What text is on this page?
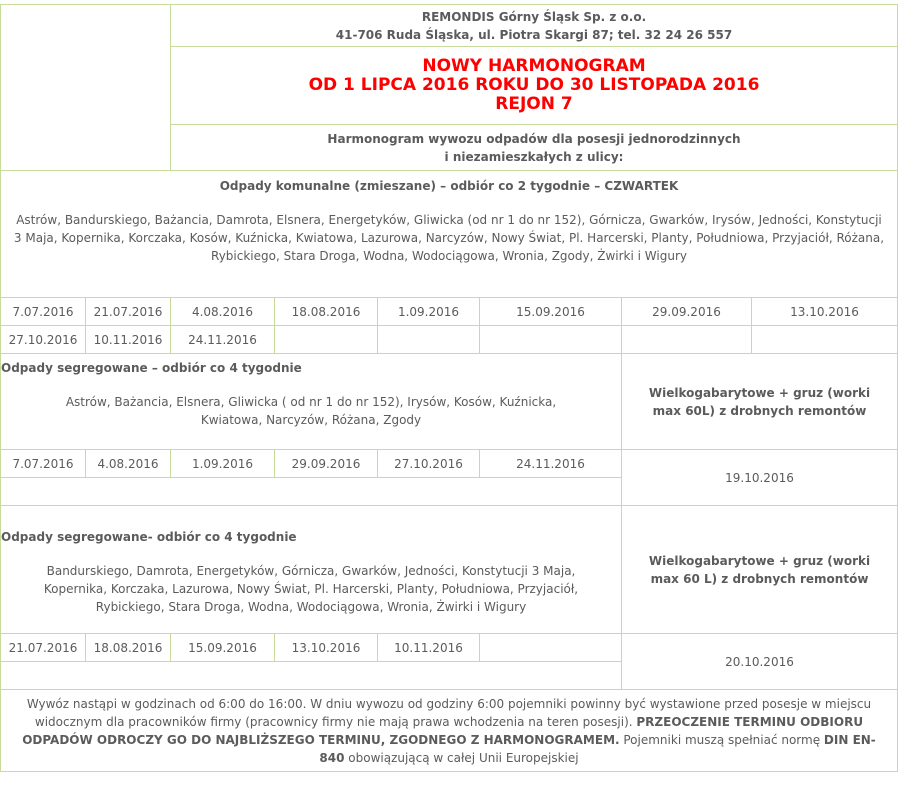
REMONDIS Górny Śląsk Sp. z o.o.
41-706 Ruda Śląska, ul. Piotra Skargi 87; tel. 32 24 26 557
NOWY HARMONOGRAM
OD 1 LIPCA 2016 ROKU DO 30 LISTOPADA 2016
REJON 7
Harmonogram wywozu odpadów dla posesji jednorodzinnych
i niezamieszkałych z ulicy:
Odpady komunalne (zmieszane) – odbiór co 2 tygodnie – CZWARTEK
Astrów, Bandurskiego, Bażancia, Damrota, Elsnera, Energetyków, Gliwicka (od nr 1 do nr 152), Górnicza, Gwarków, Irysów, Jedności, Konstytucji 3 Maja, Kopernika, Korczaka, Kosów, Kuźnicka, Kwiatowa, Lazurowa, Narcyzów, Nowy Świat, Pl. Harcerski, Planty, Południowa, Przyjaciół, Różana, Rybickiego, Stara Droga, Wodna, Wodociągowa, Wronia, Zgody, Żwirki i Wigury
7.07.2016 21.07.2016 4.08.2016	18.08.2016	1.09.2016	15.09.2016	29.09.2016	13.10.2016
27.10.2016 10.11.2016 24.11.2016
Odpady segregowane – odbiór co 4 tygodnie
Astrów, Bażancia, Elsnera, Gliwicka ( od nr 1 do nr 152), Irysów, Kosów, Kuźnicka, Kwiatowa, Narcyzów, Różana, Zgody
Wielkogabarytowe + gruz (worki max 60L) z drobnych remontów
7.07.2016 4.08.2016	1.09.2016	29.09.2016	27.10.2016	24.11.2016
19.10.2016
Odpady segregowane- odbiór co 4 tygodnie
Bandurskiego, Damrota, Energetyków, Górnicza, Gwarków, Jedności, Konstytucji 3 Maja, Kopernika, Korczaka, Lazurowa, Nowy Świat, Pl. Harcerski, Planty, Południowa, Przyjaciół, Rybickiego, Stara Droga, Wodna, Wodociągowa, Wronia, Żwirki i Wigury
Wielkogabarytowe + gruz (worki max 60 L) z drobnych remontów
21.07.2016 18.08.2016 15.09.2016	13.10.2016	10.11.2016
20.10.2016
Wywóz nastąpi w godzinach od 6:00 do 16:00. W dniu wywozu od godziny 6:00 pojemniki powinny być wystawione przed posesje w miejscu widocznym dla pracowników firmy (pracownicy firmy nie mają prawa wchodzenia na teren posesji). PRZEOCZENIE TERMINU ODBIORU ODPADÓW ODROCZY GO DO NAJBLIŻSZEGO TERMINU, ZGODNEGO Z HARMONOGRAMEM. Pojemniki muszą spełniać normę DIN EN-840 obowiązującą w całej Unii Europejskiej
